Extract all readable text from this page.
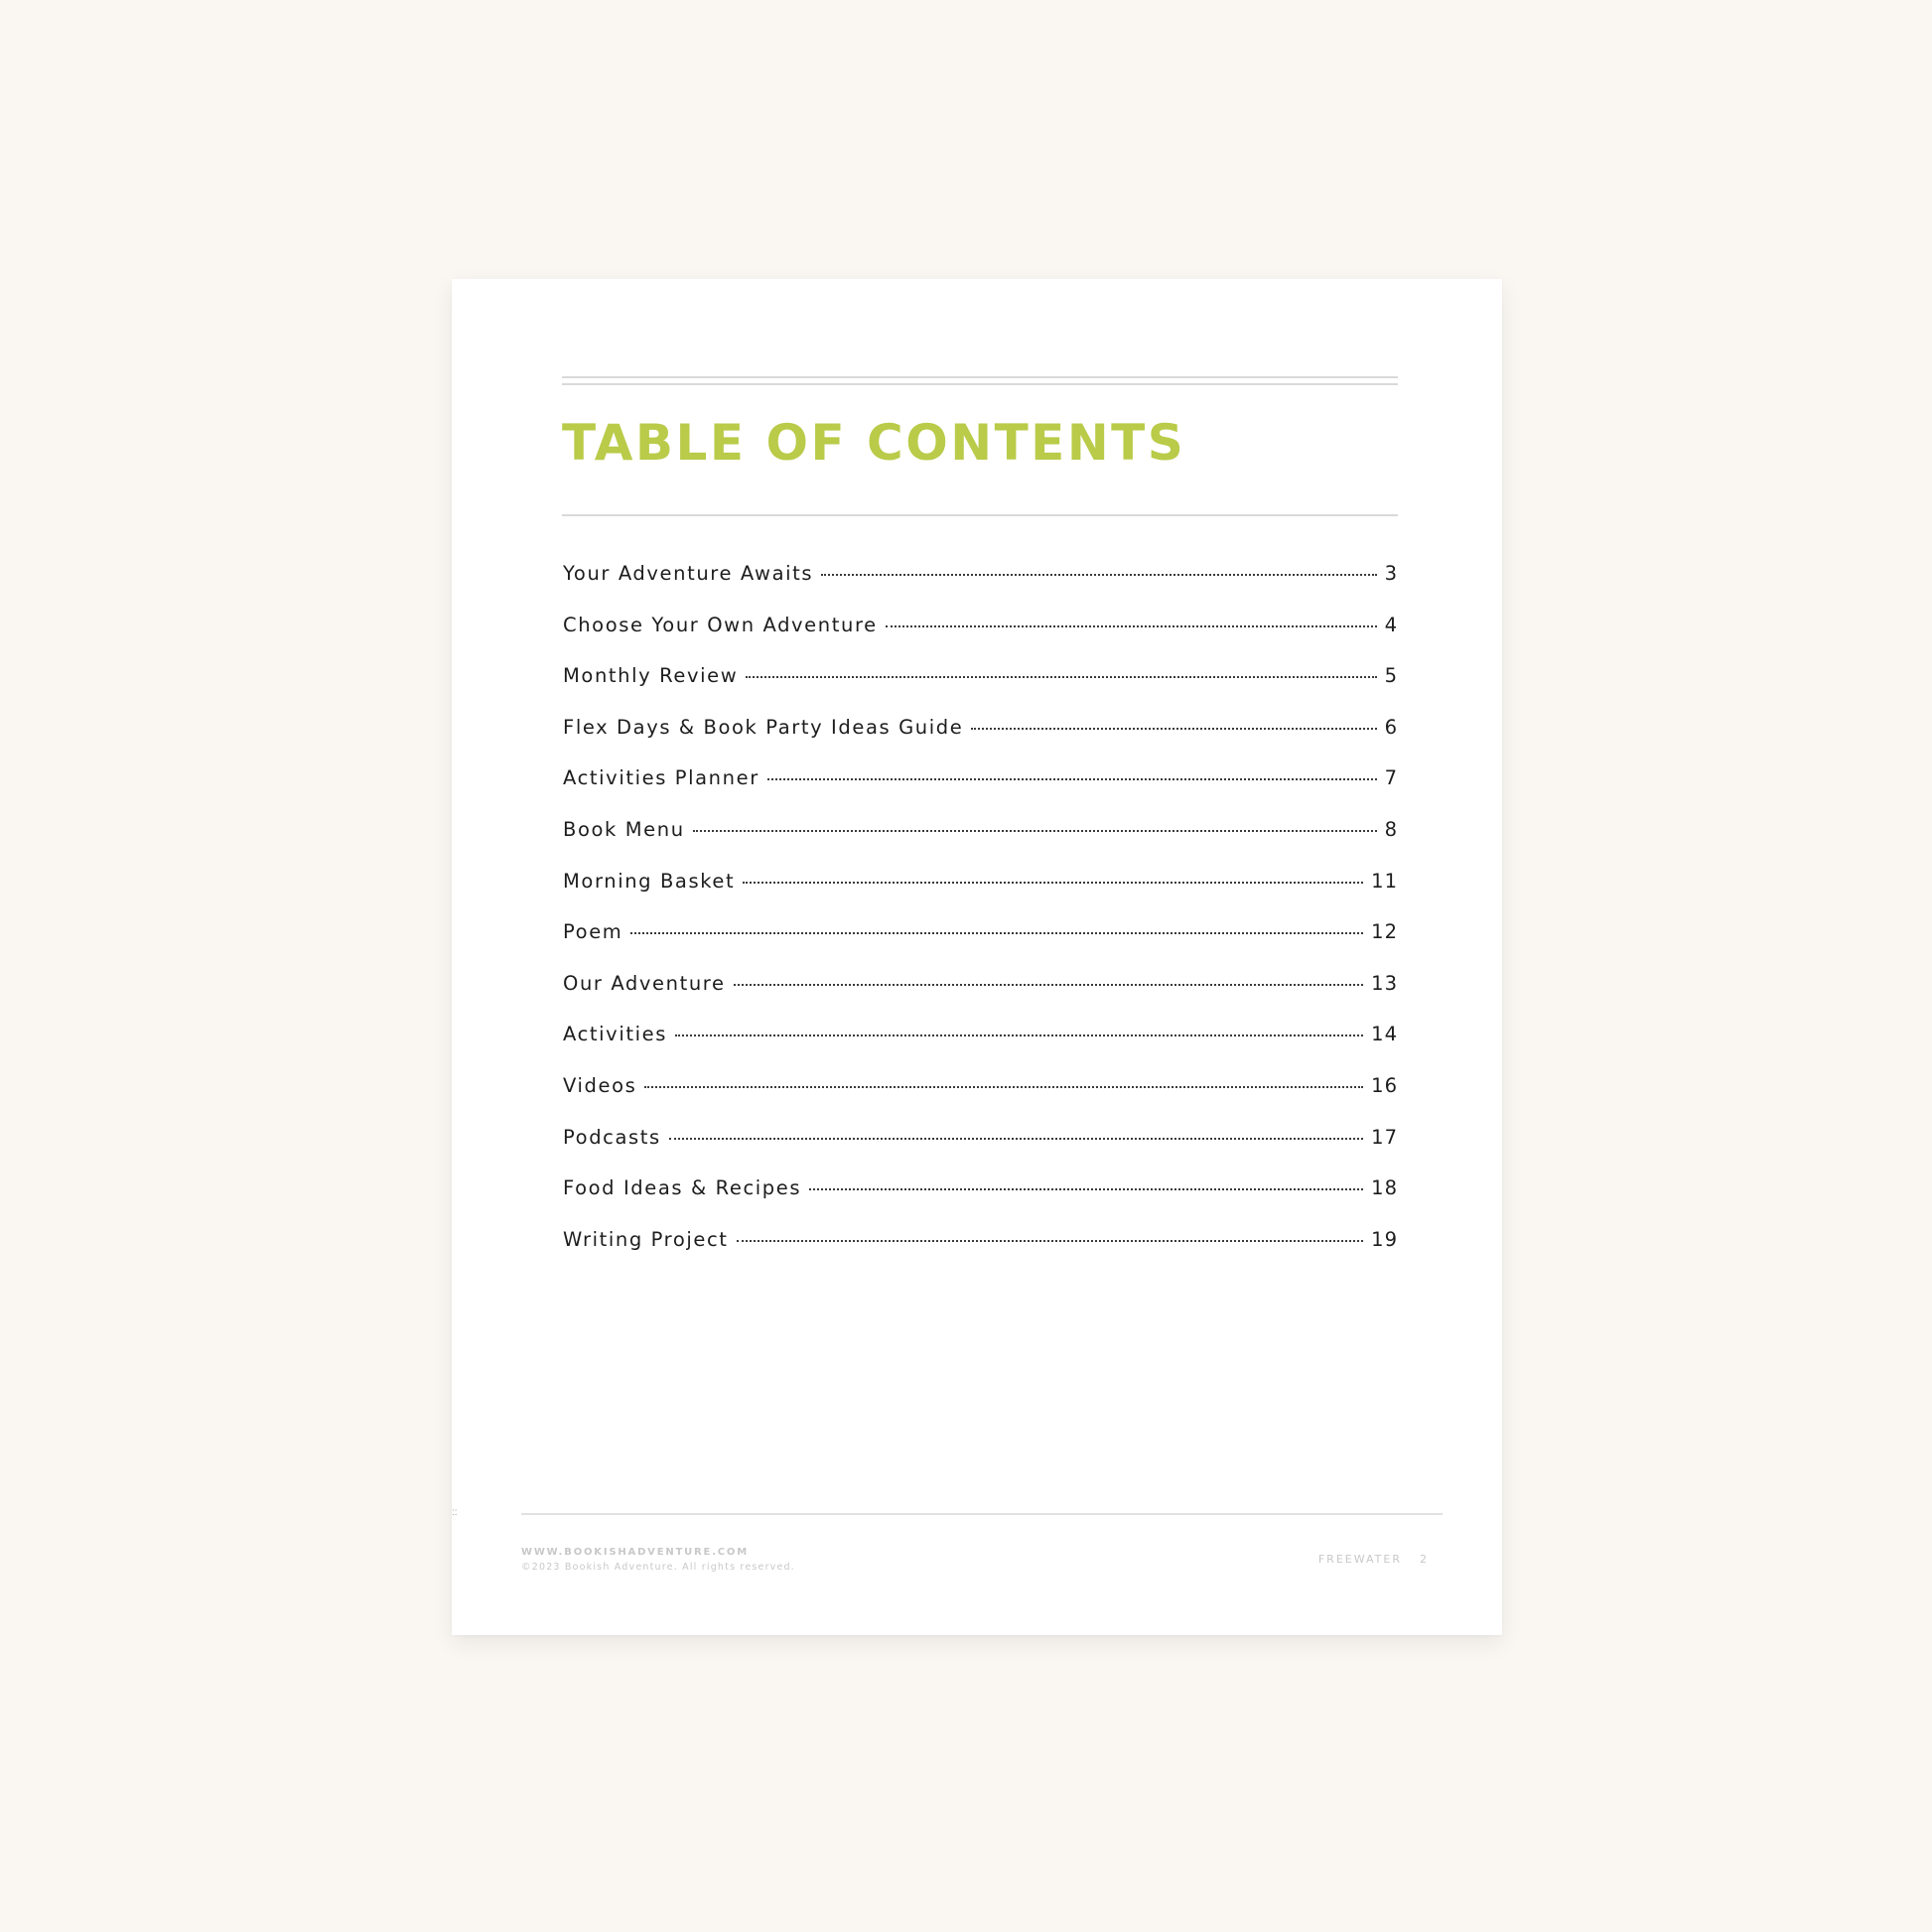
TABLE OF CONTENTS
Your Adventure Awaits	3
Choose Your Own Adventure	4
Monthly Review	5
Flex Days & Book Party Ideas Guide	6
Activities Planner	7
Book Menu	8
Morning Basket	11
Poem	12
Our Adventure	13
Activities	14
Videos	16
Podcasts	17
Food Ideas & Recipes	18
Writing Project	19
::
WWW.BOOKISHADVENTURE.COM
©2023 Bookish Adventure. All rights reserved.
FREEWATER 2
